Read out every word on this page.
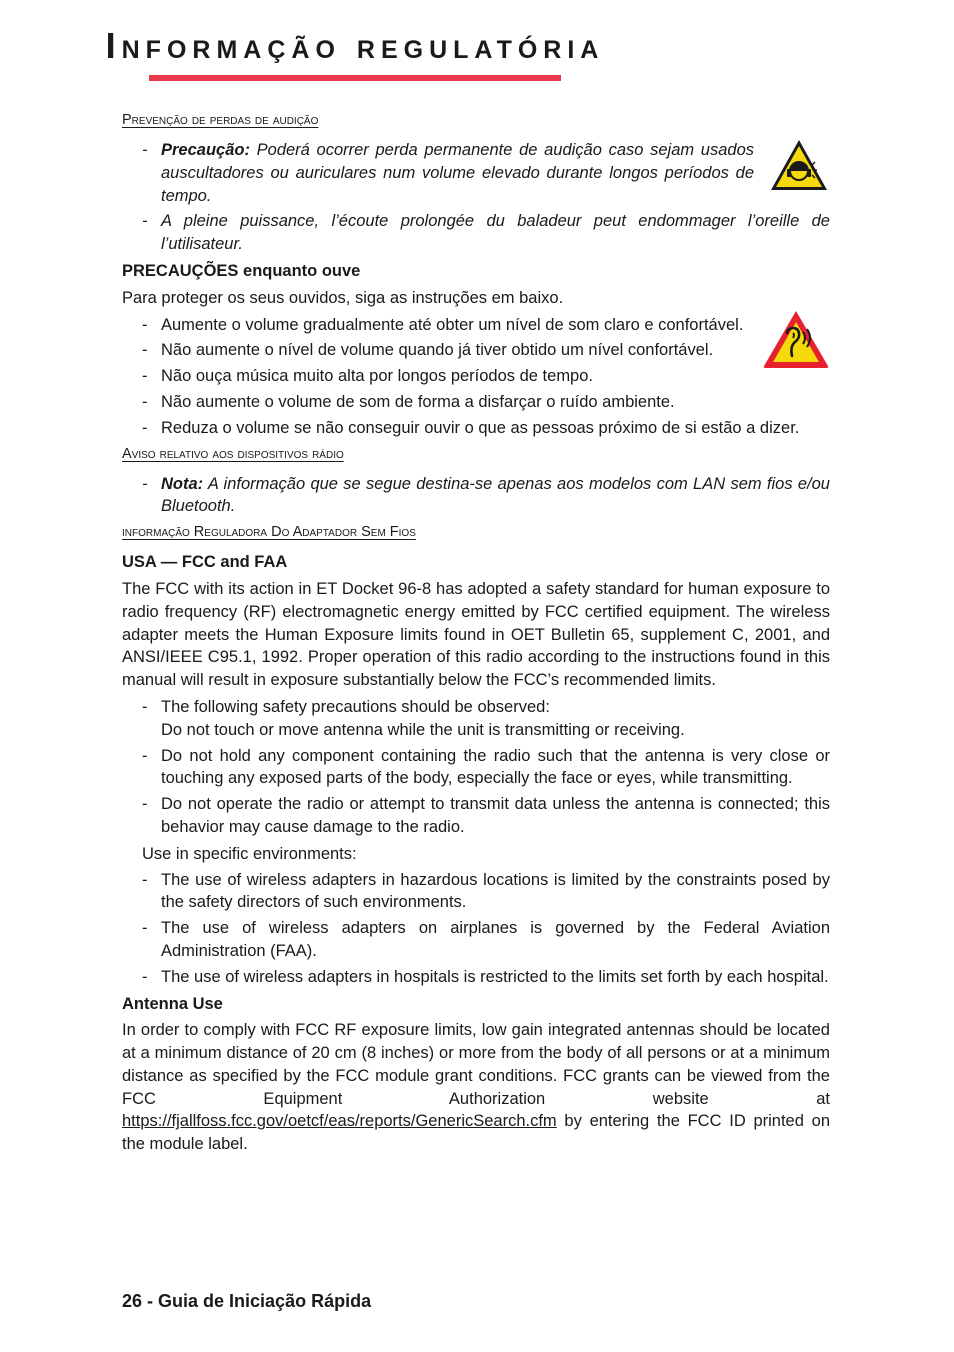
Informação regulatória
Prevenção de perdas de audição
- Precaução: Poderá ocorrer perda permanente de audição caso sejam usados auscultadores ou auriculares num volume elevado durante longos períodos de tempo.
- A pleine puissance, l’écoute prolongée du baladeur peut endommager l’oreille de l’utilisateur.
PRECAUÇÕES enquanto ouve

Para proteger os seus ouvidos, siga as instruções em baixo.

- Aumente o volume gradualmente até obter um nível de som claro e confortável.
- Não aumente o nível de volume quando já tiver obtido um nível confortável.
- Não ouça música muito alta por longos períodos de tempo.
- Não aumente o volume de som de forma a disfarçar o ruído ambiente.
- Reduza o volume se não conseguir ouvir o que as pessoas próximo de si estão a dizer.
Aviso relativo aos dispositivos rádio
- Nota: A informação que se segue destina-se apenas aos modelos com LAN sem fios e/ou Bluetooth.
informação Reguladora Do Adaptador Sem Fios
USA — FCC and FAA

The FCC with its action in ET Docket 96-8 has adopted a safety standard for human exposure to radio frequency (RF) electromagnetic energy emitted by FCC certified equipment. The wireless adapter meets the Human Exposure limits found in OET Bulletin 65, supplement C, 2001, and ANSI/IEEE C95.1, 1992. Proper operation of this radio according to the instructions found in this manual will result in exposure substantially below the FCC’s recommended limits.

- The following safety precautions should be observed:
Do not touch or move antenna while the unit is transmitting or receiving.
- Do not hold any component containing the radio such that the antenna is very close or touching any exposed parts of the body, especially the face or eyes, while transmitting.
- Do not operate the radio or attempt to transmit data unless the antenna is connected; this behavior may cause damage to the radio.
Use in specific environments:
- The use of wireless adapters in hazardous locations is limited by the constraints posed by the safety directors of such environments.
- The use of wireless adapters on airplanes is governed by the Federal Aviation Administration (FAA).
- The use of wireless adapters in hospitals is restricted to the limits set forth by each hospital.
Antenna Use

In order to comply with FCC RF exposure limits, low gain integrated antennas should be located at a minimum distance of 20 cm (8 inches) or more from the body of all persons or at a minimum distance as specified by the FCC module grant conditions. FCC grants can be viewed from the FCC Equipment Authorization website at https://fjallfoss.fcc.gov/oetcf/eas/reports/GenericSearch.cfm by entering the FCC ID printed on the module label.

26 - Guia de Iniciação Rápida
